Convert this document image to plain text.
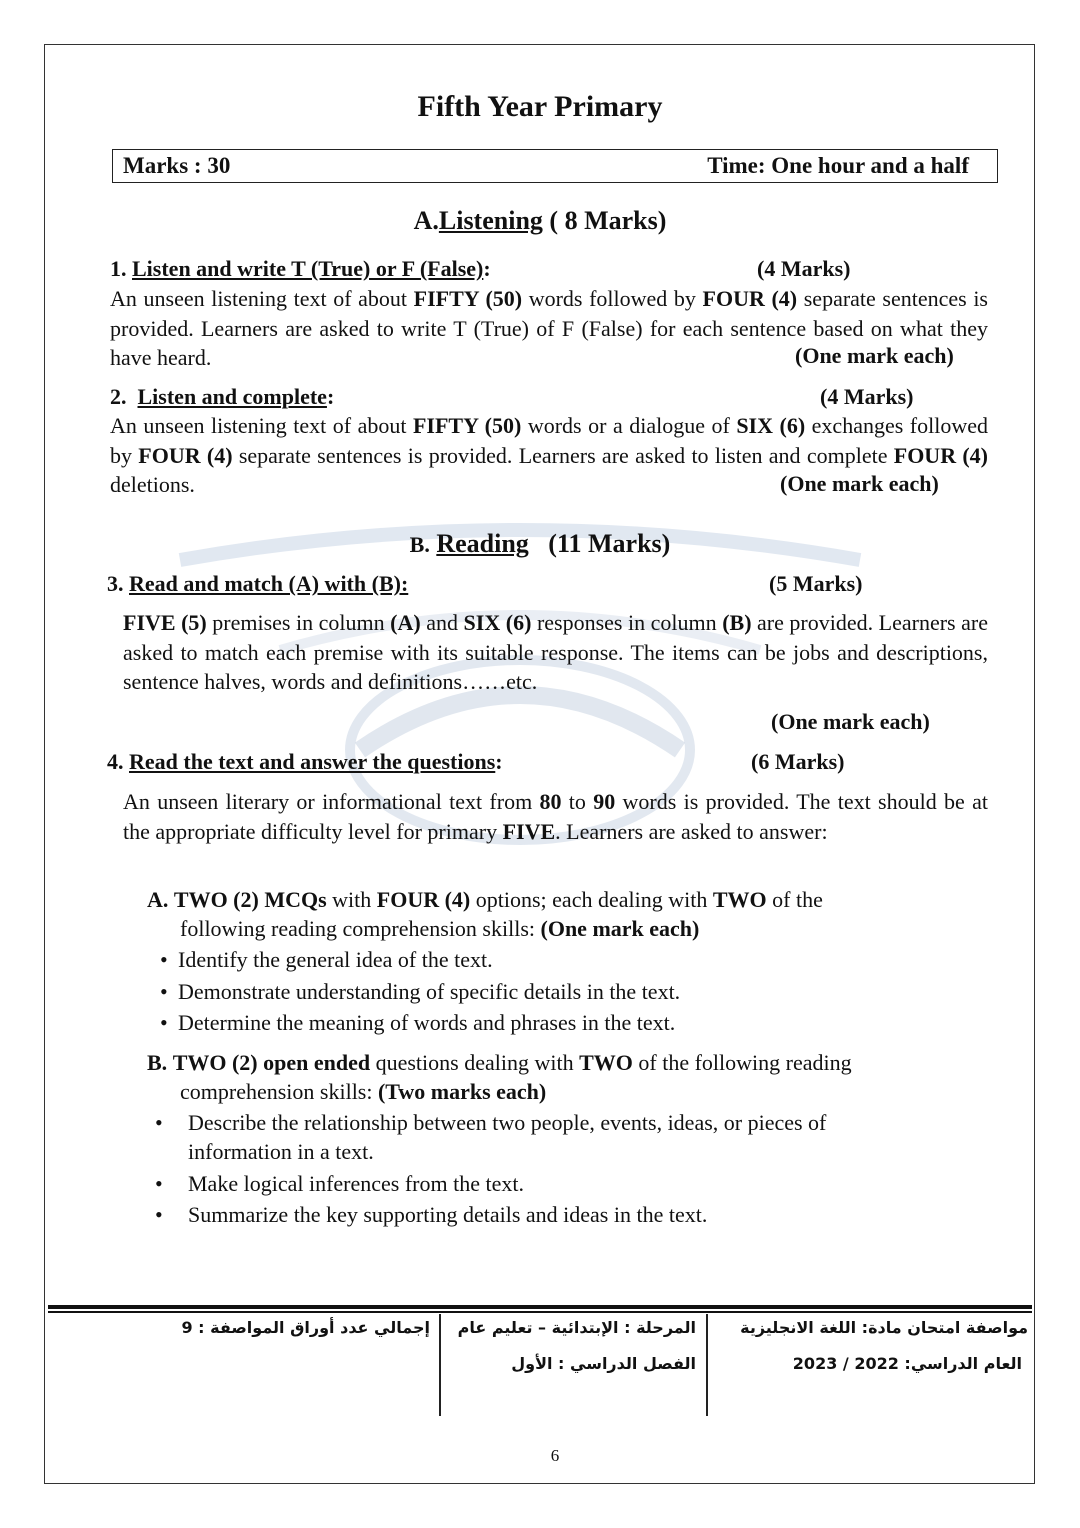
Fifth Year Primary
Marks : 30	Time: One hour and a half
A.Listening ( 8 Marks)
1. Listen and write T (True) or F (False):	(4 Marks)
An unseen listening text of about FIFTY (50) words followed by FOUR (4) separate sentences is provided. Learners are asked to write T (True) of F (False) for each sentence based on what they have heard.	(One mark each)
2. Listen and complete:	(4 Marks)
An unseen listening text of about FIFTY (50) words or a dialogue of SIX (6) exchanges followed by FOUR (4) separate sentences is provided. Learners are asked to listen and complete FOUR (4) deletions.	(One mark each)
B. Reading (11 Marks)
3. Read and match (A) with (B):	(5 Marks)
FIVE (5) premises in column (A) and SIX (6) responses in column (B) are provided. Learners are asked to match each premise with its suitable response. The items can be jobs and descriptions, sentence halves, words and definitions……etc.
(One mark each)
4. Read the text and answer the questions:	(6 Marks)
An unseen literary or informational text from 80 to 90 words is provided. The text should be at the appropriate difficulty level for primary FIVE. Learners are asked to answer:
A. TWO (2) MCQs with FOUR (4) options; each dealing with TWO of the
following reading comprehension skills: (One mark each)
• Identify the general idea of the text.
• Demonstrate understanding of specific details in the text.
• Determine the meaning of words and phrases in the text.
B. TWO (2) open ended questions dealing with TWO of the following reading
comprehension skills: (Two marks each)
• Describe the relationship between two people, events, ideas, or pieces of
information in a text.
• Make logical inferences from the text.
• Summarize the key supporting details and ideas in the text.
مواصفة امتحان مادة: اللغة الانجليزية
العام الدراسي: 2022 / 2023
المرحلة : الإبتدائية – تعليم عام
الفصل الدراسي : الأول
إجمالي عدد أوراق المواصفة : 9
6
